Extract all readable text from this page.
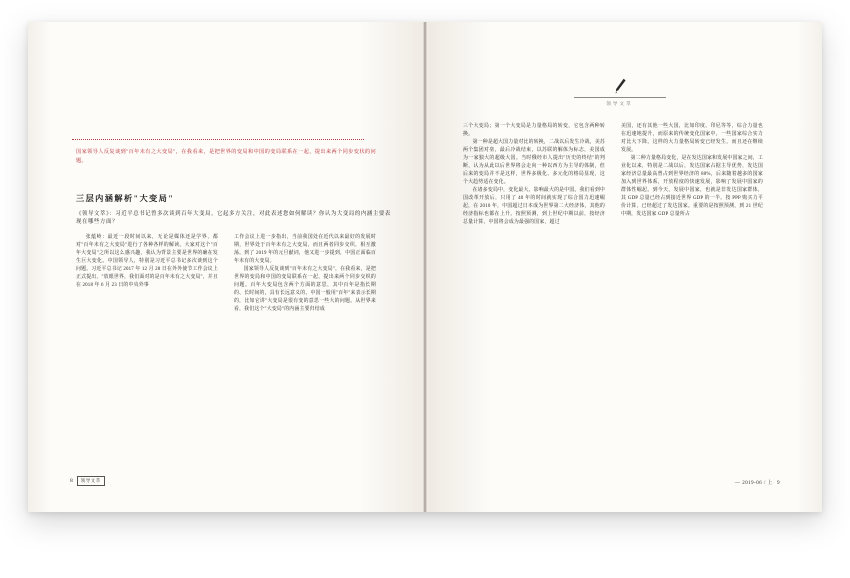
国家领导人反复谈到"百年未有之大变局"，在我看来，是把世界的变局和中国的变局联系在一起，提出来两个同步变状的问题。
三层内涵解析"大变局"
《领导文萃》：习近平总书记曾多次谈到百年大变局，它起多方关注，对此表述您如何解读？你认为大变局的内涵主要表现在哪些方面？

张蕴岭：最近一段时间以来，无论是媒体还是学界，都对"百年未有之大变局"进行了各种各样的解读。大家对这个"百年大变局"之所以这么感兴趣，我认为背景主要是世界的确在发生巨大变化。中国领导人，特别是习近平总书记多次谈到这个问题。习近平总书记 2017 年 12 月 28 日在外外使节工作会议上正式提出，"放眼世界，我们面对的是百年未有之大变局"，并且在 2018 年 6 月 23 日的中央外事

工作会议上进一步指出，当前我国处在近代以来最好的发展时期，世界处于百年未有之大变局，而且两者同步交织，相互激荡。到了 2019 年的元旦献词，他又进一步提到，中国正面临百年未有的大变局。

国家领导人反复谈到"百年未有之大变局"，在我看来，是把世界的变局和中国的变局联系在一起，提出来两个同步交织的问题。百年大变局包含两个方面的意思，其中百年是指长期的、长时间的，具有长远意义的，中国一般用"百年"来表示长期的，比如它讲"大变局是很有变的意思一些大的问题。从世界来看，我们这个"大变局"的内涵主要归结成

8	领导文萃
领导文萃

三个大变局；第一个大变局是力量格局的转变，它包含两种转换。

第一种是超大国力量对比的转换，二战以后发生冷战，美苏两个集团对垒，最后冷战结束，以苏联的解体为标志，美国成为一家独大的超级大国。当时俄经市人提出"历史的终结"的判断，认为从此以后世界将会走向一种以西方为主导的体制，但后来的变局并不是这样，世界多极化、多元化的格局显现，这个大趋势适在变化。

在诸多变局中，变化最大、影响最大的是中国。我们看到中国改革开放后，只用了 40 年的时间就实现了综合国力迅速崛起，在 2010 年，中国超过日本成为世界第二大经济体，其他的经济指标也都在上升。按照预测，到上世纪中期以前，按经济总量计算，中国将会成为最强的国家，超过

美国，还有其他一些大国，比如印度、印尼等等，综合力量也在迅速地提升，而原来的传统变化国家中，一些国家综合实力对比大下降。这样的大力量格局转变已经发生，而且还在继续发展。

第二种力量格局变化，是在发达国家和发展中国家之间，工业化以来，特别是二战以后，发达国家占据主导优势，发达国家经济总量最高曾占到世界经济的 80%，后来随着越多的国家加入到世界体系，开放程度的快速发展，影响了发展中国家的群体性崛起。到今天，发展中国家，也就是非发达国家群体，其 GDP 总量已经占到接近世界 GDP 的一半。按 PPP 购买力平价计算，已经超过了发达国家。重要的是按照预测，到 21 世纪中期，发达国家 GDP 总量所占

— 2019-06 / 上 9
